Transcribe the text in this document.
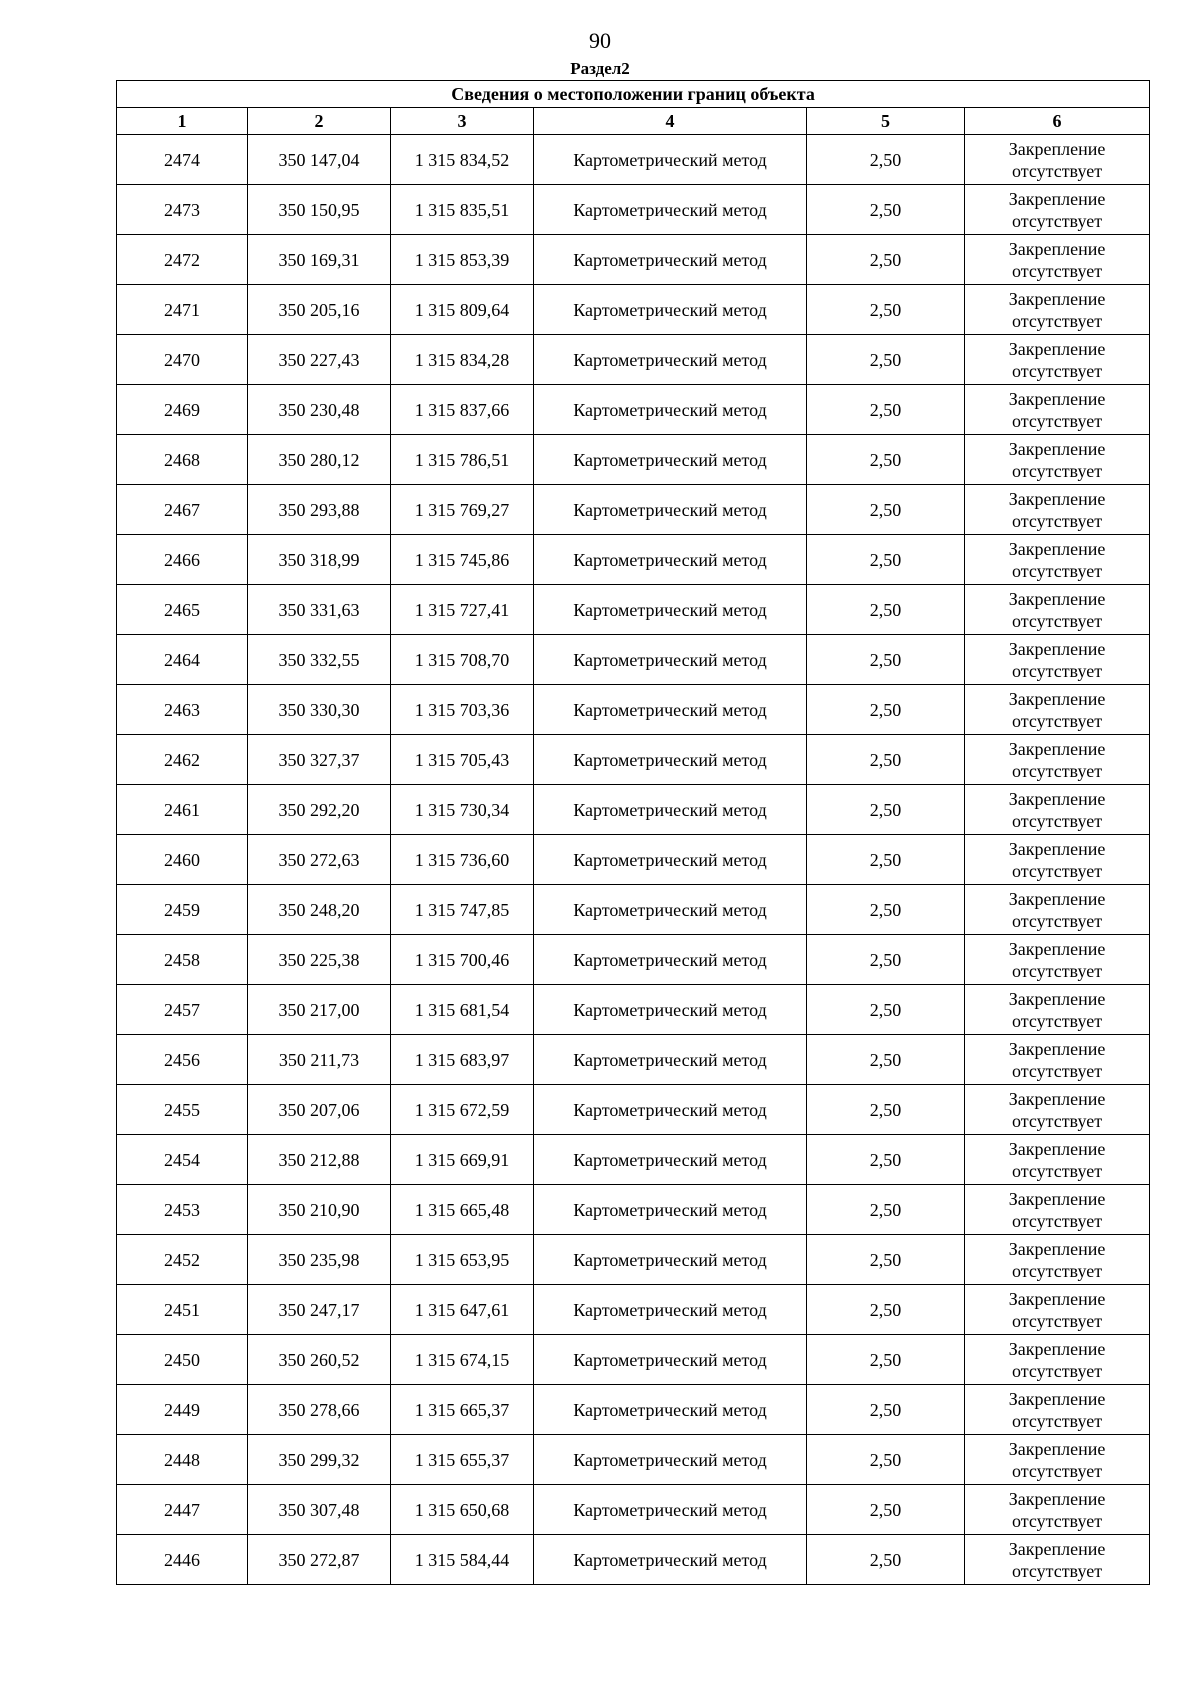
90
Раздел2
Сведения о местоположении границ объекта					
1	2	3	4	5	6
2474	350 147,04	1 315 834,52	Картометрический метод	2,50	Закрепление
отсутствует

2473	350 150,95	1 315 835,51	Картометрический метод	2,50	Закрепление
отсутствует

2472	350 169,31	1 315 853,39	Картометрический метод	2,50	Закрепление
отсутствует

2471	350 205,16	1 315 809,64	Картометрический метод	2,50	Закрепление
отсутствует

2470	350 227,43	1 315 834,28	Картометрический метод	2,50	Закрепление
отсутствует

2469	350 230,48	1 315 837,66	Картометрический метод	2,50	Закрепление
отсутствует

2468	350 280,12	1 315 786,51	Картометрический метод	2,50	Закрепление
отсутствует

2467	350 293,88	1 315 769,27	Картометрический метод	2,50	Закрепление
отсутствует

2466	350 318,99	1 315 745,86	Картометрический метод	2,50	Закрепление
отсутствует

2465	350 331,63	1 315 727,41	Картометрический метод	2,50	Закрепление
отсутствует

2464	350 332,55	1 315 708,70	Картометрический метод	2,50	Закрепление
отсутствует

2463	350 330,30	1 315 703,36	Картометрический метод	2,50	Закрепление
отсутствует

2462	350 327,37	1 315 705,43	Картометрический метод	2,50	Закрепление
отсутствует

2461	350 292,20	1 315 730,34	Картометрический метод	2,50	Закрепление
отсутствует

2460	350 272,63	1 315 736,60	Картометрический метод	2,50	Закрепление
отсутствует

2459	350 248,20	1 315 747,85	Картометрический метод	2,50	Закрепление
отсутствует

2458	350 225,38	1 315 700,46	Картометрический метод	2,50	Закрепление
отсутствует

2457	350 217,00	1 315 681,54	Картометрический метод	2,50	Закрепление
отсутствует

2456	350 211,73	1 315 683,97	Картометрический метод	2,50	Закрепление
отсутствует

2455	350 207,06	1 315 672,59	Картометрический метод	2,50	Закрепление
отсутствует

2454	350 212,88	1 315 669,91	Картометрический метод	2,50	Закрепление
отсутствует

2453	350 210,90	1 315 665,48	Картометрический метод	2,50	Закрепление
отсутствует

2452	350 235,98	1 315 653,95	Картометрический метод	2,50	Закрепление
отсутствует

2451	350 247,17	1 315 647,61	Картометрический метод	2,50	Закрепление
отсутствует

2450	350 260,52	1 315 674,15	Картометрический метод	2,50	Закрепление
отсутствует

2449	350 278,66	1 315 665,37	Картометрический метод	2,50	Закрепление
отсутствует

2448	350 299,32	1 315 655,37	Картометрический метод	2,50	Закрепление
отсутствует

2447	350 307,48	1 315 650,68	Картометрический метод	2,50	Закрепление
отсутствует

2446	350 272,87	1 315 584,44	Картометрический метод	2,50	Закрепление
отсутствует
